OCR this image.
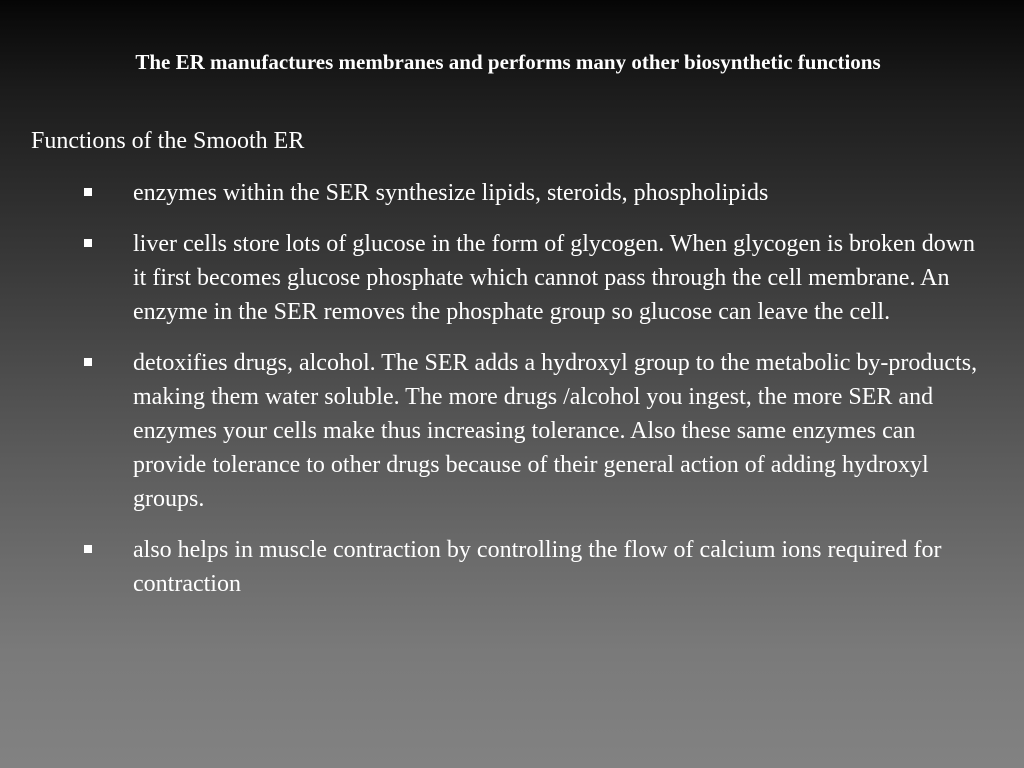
The ER manufactures membranes and performs many other biosynthetic functions
Functions of the Smooth ER
enzymes within the SER synthesize lipids, steroids, phospholipids
liver cells store lots of glucose in the form of glycogen. When glycogen is broken down it first becomes glucose phosphate which cannot pass through the cell membrane. An enzyme in the SER removes the phosphate group so glucose can leave the cell.
detoxifies drugs, alcohol. The SER adds a hydroxyl group to the metabolic by-products, making them water soluble. The more drugs /alcohol you ingest, the more SER and enzymes your cells make thus increasing tolerance. Also these same enzymes can provide tolerance to other drugs because of their general action of adding hydroxyl groups.
also helps in muscle contraction by controlling the flow of calcium ions required for contraction
